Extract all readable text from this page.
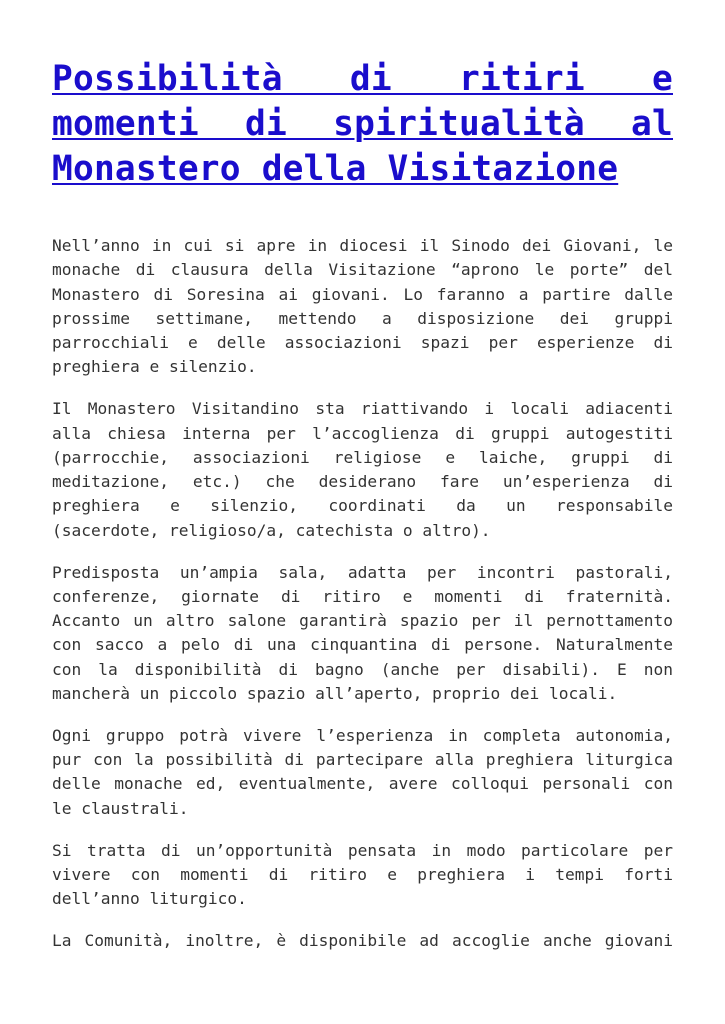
Possibilità di ritiri e
momenti di spiritualità al
Monastero della Visitazione

Nell’anno in cui si apre in diocesi il Sinodo dei Giovani, le
monache di clausura della Visitazione “aprono le porte” del
Monastero di Soresina ai giovani. Lo faranno a partire dalle
prossime settimane, mettendo a disposizione dei gruppi
parrocchiali e delle associazioni spazi per esperienze di
preghiera e silenzio.

Il Monastero Visitandino sta riattivando i locali adiacenti
alla chiesa interna per l’accoglienza di gruppi autogestiti
(parrocchie, associazioni religiose e laiche, gruppi di
meditazione, etc.) che desiderano fare un’esperienza di
preghiera e silenzio, coordinati da un responsabile
(sacerdote, religioso/a, catechista o altro).

Predisposta un’ampia sala, adatta per incontri pastorali,
conferenze, giornate di ritiro e momenti di fraternità.
Accanto un altro salone garantirà spazio per il pernottamento
con sacco a pelo di una cinquantina di persone. Naturalmente
con la disponibilità di bagno (anche per disabili). E non
mancherà un piccolo spazio all’aperto, proprio dei locali.

Ogni gruppo potrà vivere l’esperienza in completa autonomia,
pur con la possibilità di partecipare alla preghiera liturgica
delle monache ed, eventualmente, avere colloqui personali con
le claustrali.

Si tratta di un’opportunità pensata in modo particolare per
vivere con momenti di ritiro e preghiera i tempi forti
dell’anno liturgico.

La Comunità, inoltre, è disponibile ad accoglie anche giovani
